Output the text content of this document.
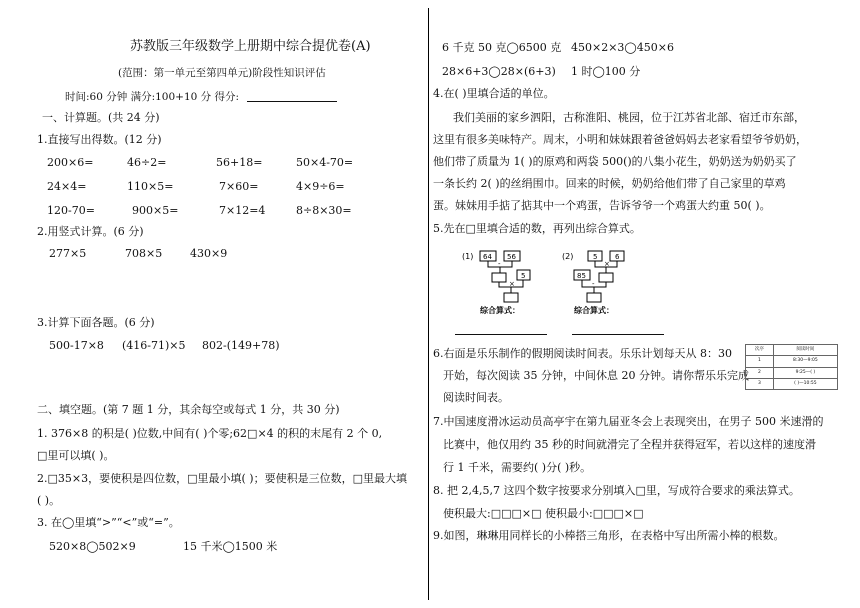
苏教版三年级数学上册期中综合提优卷(A)
(范围：第一单元至第四单元)阶段性知识评估
时间:60 分钟 满分:100+10 分 得分:
一、计算题。(共 24 分)
1.直接写出得数。(12 分)
200×6=	46÷2=	56+18=	50×4-70=
24×4=	110×5=	7×60=	4×9÷6=
120-70=	900×5=	7×12=4	8÷8×30=
2.用竖式计算。(6 分)
277×5	708×5	430×9
3.计算下面各题。(6 分)
500-17×8 (416-71)×5 802-(149+78)
二、填空题。(第 7 题 1 分，其余每空或每式 1 分，共 30 分)
1. 376×8 的积是( )位数,中间有( )个零;62□×4 的积的末尾有 2 个 0,
□里可以填( )。
2.□35×3，要使积是四位数，□里最小填( )；要使积是三位数，□里最大填
( )。
3. 在◯里填“>”“<”或“=”。
520×8◯502×9	15 千米◯1500 米
6 千克 50 克◯6500 克 450×2×3◯450×6
28×6+3◯28×(6+3) 1 时◯100 分
4.在( )里填合适的单位。
我们美丽的家乡泗阳，古称淮阳、桃园，位于江苏省北部、宿迁市东部，
这里有很多美味特产。周末，小明和妹妹跟着爸爸妈妈去老家看望爷爷奶奶，
他们带了质量为 1( )的原鸡和两袋 500()的八集小花生，奶奶送为奶奶买了
一条长约 2( )的丝绢围巾。回来的时候，奶奶给他们带了自己家里的草鸡
蛋。妹妹用手掂了掂其中一个鸡蛋，告诉爷爷一个鸡蛋大约重 50( )。
5.先在□里填合适的数，再列出综合算式。
(1) 64 56
-
5
×
综合算式：
(2)	5	6
×
85
-
综合算式：
6.右面是乐乐制作的假期阅读时间表。乐乐计划每天从 8：30
开始，每次阅读 35 分钟，中间休息 20 分钟。请你帮乐乐完成
阅读时间表。
次序	阅读时间
1	8:30—9:05
2	9:25—( )
3	( )—10:55
7.中国速度滑冰运动员高亭宇在第九届亚冬会上表现突出，在男子 500 米速滑的
比赛中，他仅用约 35 秒的时间就滑完了全程并获得冠军，若以这样的速度滑
行 1 千米，需要约( )分( )秒。
8. 把 2,4,5,7 这四个数字按要求分别填入□里，写成符合要求的乘法算式。
使积最大:□□□×□ 使积最小:□□□×□
9.如图，琳琳用同样长的小棒搭三角形，在表格中写出所需小棒的根数。
